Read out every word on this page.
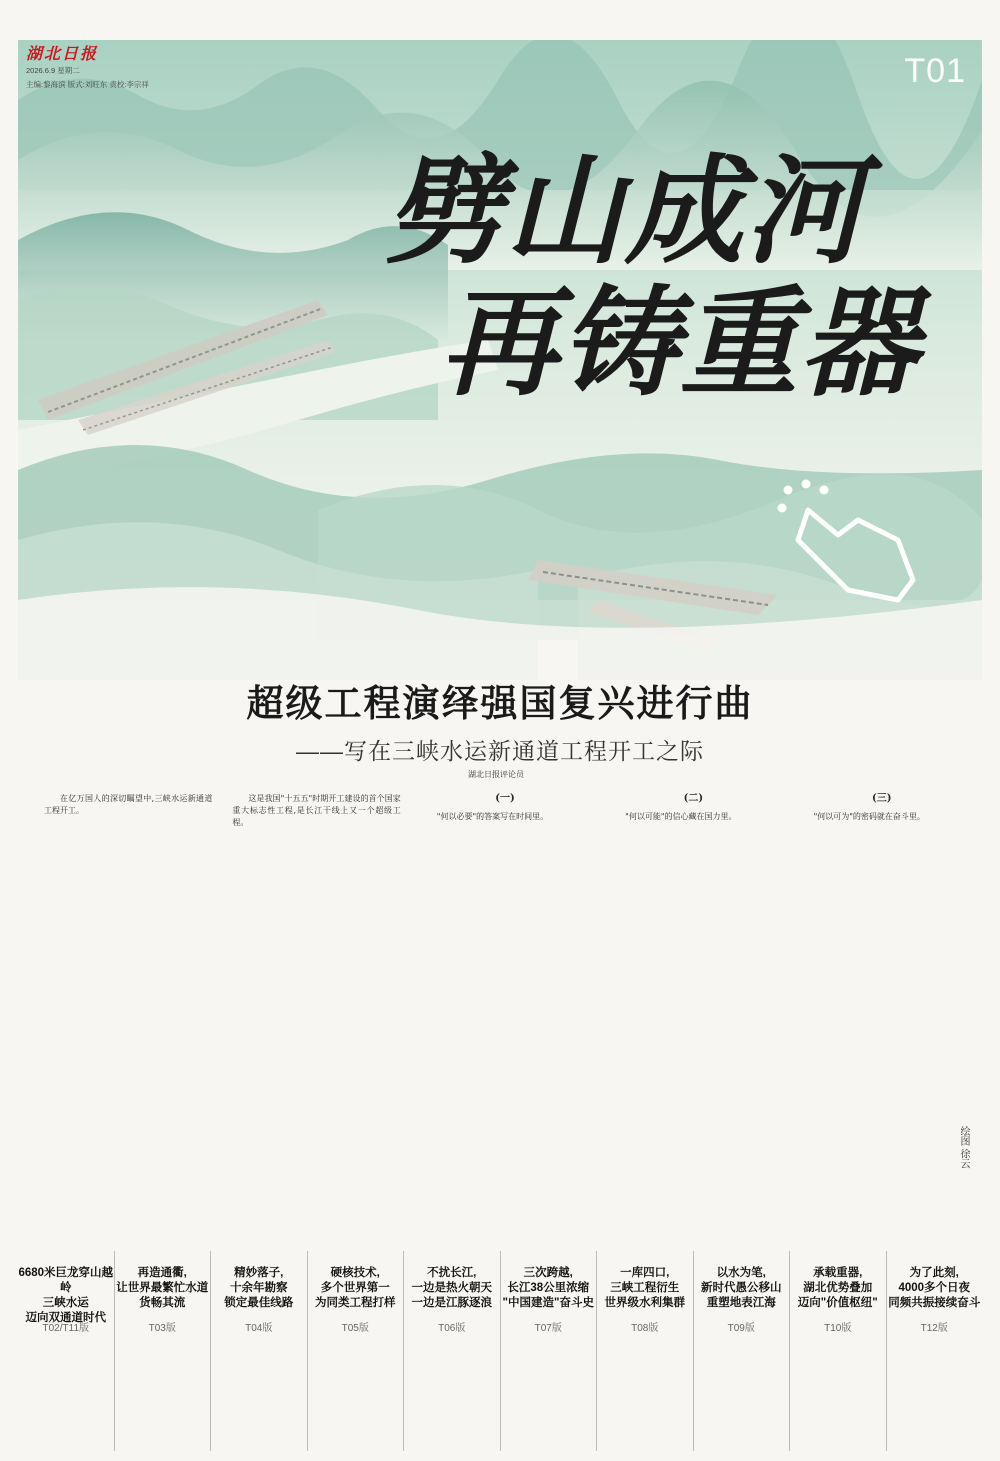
湖北日报
2026.6.9 星期二
主编:黎海滨 版式:刘旺东 责校:李宗祥	T01
劈山成河
再铸重器
超级工程演绎强国复兴进行曲
——写在三峡水运新通道工程开工之际
湖北日报评论员

在亿万国人的深切瞩望中,三峡水运新通道工程开工。

这是我国"十五五"时期开工建设的首个国家重大标志性工程,是长江干线上又一个超级工程。

(一)

"何以必要"的答案写在时间里。

(二)

"何以可能"的信心藏在国力里。

(三)

"何以可为"的密码就在奋斗里。

绘图 徐云
6680米巨龙穿山越岭
三峡水运
迈向双通道时代
T02/T11版
再造通衢,
让世界最繁忙水道
货畅其流
T03版
精妙落子,
十余年勘察
锁定最佳线路
T04版
硬核技术,
多个世界第一
为同类工程打样
T05版
不扰长江,
一边是热火朝天
一边是江豚逐浪
T06版
三次跨越,
长江38公里浓缩
"中国建造"奋斗史
T07版
一库四口,
三峡工程衍生
世界级水利集群
T08版
以水为笔,
新时代愚公移山
重塑地表江海
T09版
承载重器,
湖北优势叠加
迈向"价值枢纽"
T10版
为了此刻,
4000多个日夜
同频共振接续奋斗
T12版
